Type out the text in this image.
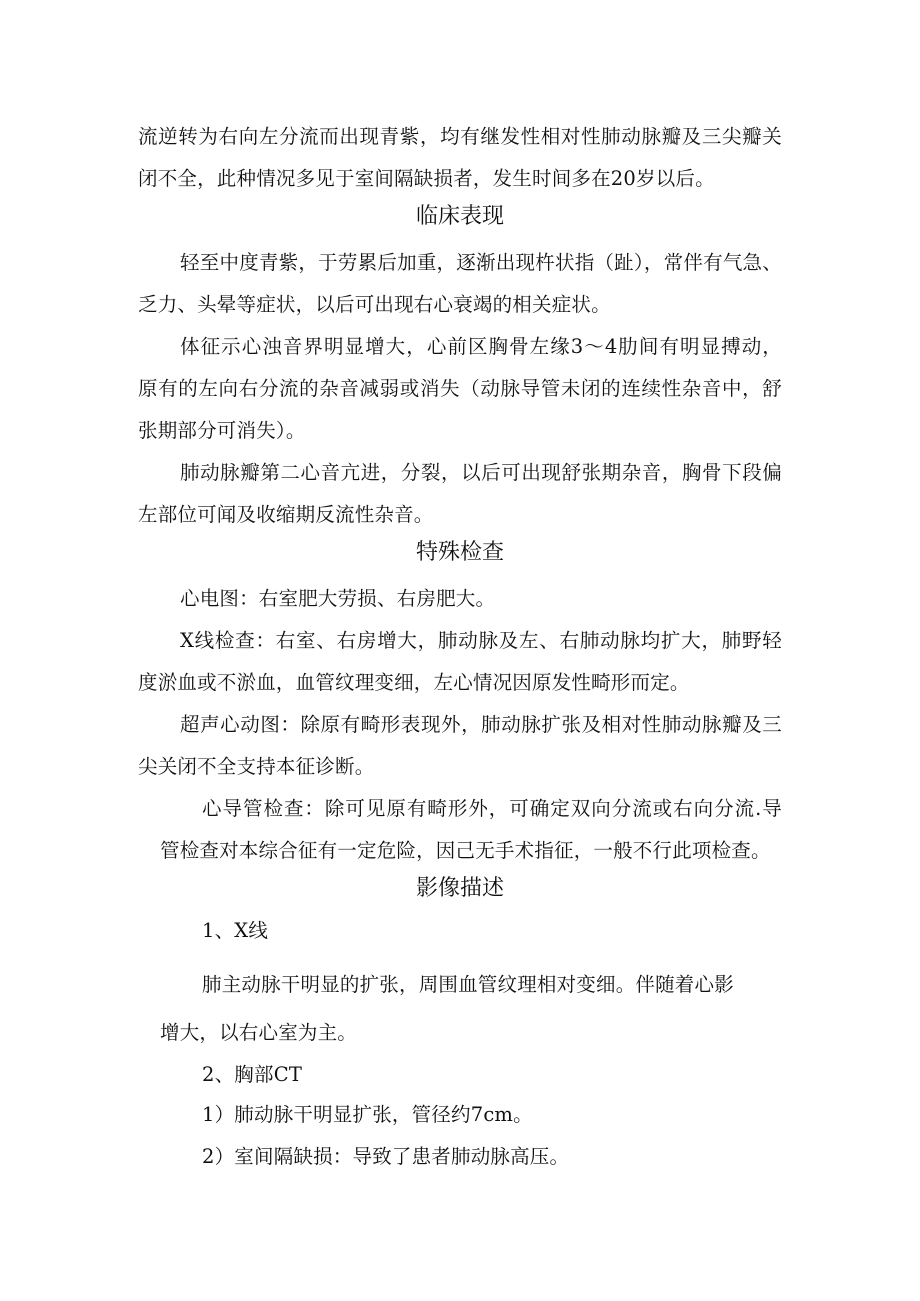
流逆转为右向左分流而出现青紫，均有继发性相对性肺动脉瓣及三尖瓣关
闭不全，此种情况多见于室间隔缺损者，发生时间多在20岁以后。
临床表现
轻至中度青紫，于劳累后加重，逐渐出现杵状指（趾），常伴有气急、
乏力、头晕等症状，以后可出现右心衰竭的相关症状。
体征示心浊音界明显增大，心前区胸骨左缘3～4肋间有明显搏动，
原有的左向右分流的杂音减弱或消失（动脉导管未闭的连续性杂音中，舒
张期部分可消失）。
肺动脉瓣第二心音亢进，分裂，以后可出现舒张期杂音，胸骨下段偏
左部位可闻及收缩期反流性杂音。
特殊检查
心电图：右室肥大劳损、右房肥大。
X线检查：右室、右房增大，肺动脉及左、右肺动脉均扩大，肺野轻
度淤血或不淤血，血管纹理变细，左心情况因原发性畸形而定。
超声心动图：除原有畸形表现外，肺动脉扩张及相对性肺动脉瓣及三
尖关闭不全支持本征诊断。
心导管检查：除可见原有畸形外，可确定双向分流或右向分流.导
管检查对本综合征有一定危险，因己无手术指征，一般不行此项检查。
影像描述
1、X线
肺主动脉干明显的扩张，周围血管纹理相对变细。伴随着心影
增大，以右心室为主。
2、胸部CT
1）肺动脉干明显扩张，管径约7cm。
2）室间隔缺损：导致了患者肺动脉高压。
